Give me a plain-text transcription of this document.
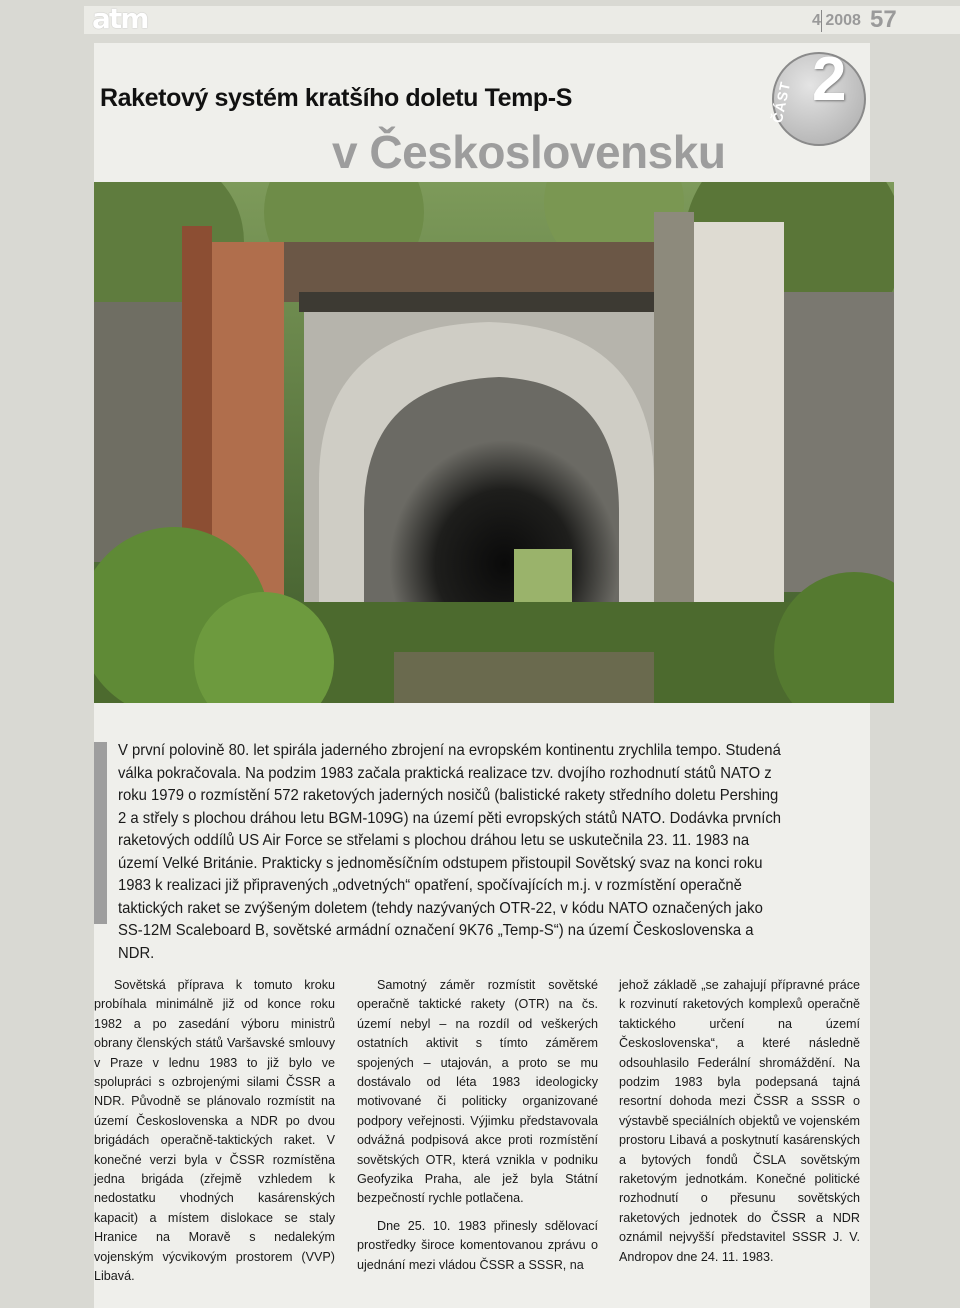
atm	4 2008 57
Raketový systém kratšího doletu Temp-S
v Československu
ČÁST 2
V první polovině 80. let spirála jaderného zbrojení na evropském kontinentu zrychlila tempo. Studená válka pokračovala. Na podzim 1983 začala praktická realizace tzv. dvojího rozhodnutí států NATO z roku 1979 o rozmístění 572 raketových jaderných nosičů (balistické rakety středního doletu Pershing 2 a střely s plochou dráhou letu BGM-109G) na území pěti evropských států NATO. Dodávka prvních raketových oddílů US Air Force se střelami s plochou dráhou letu se uskutečnila 23. 11. 1983 na území Velké Británie. Prakticky s jednoměsíčním odstupem přistoupil Sovětský svaz na konci roku 1983 k realizaci již připravených „odvetných“ opatření, spočívajících m.j. v rozmístění operačně taktických raket se zvýšeným doletem (tehdy nazývaných OTR-22, v kódu NATO označených jako SS-12M Scaleboard B, sovětské armádní označení 9K76 „Temp-S“) na území Československa a NDR.

Sovětská příprava k tomuto kroku probíhala minimálně již od konce roku 1982 a po zasedání výboru ministrů obrany členských států Varšavské smlouvy v Praze v lednu 1983 to již bylo ve spolupráci s ozbrojenými silami ČSSR a NDR. Původně se plánovalo rozmístit na území Československa a NDR po dvou brigádách operačně-taktických raket. V konečné verzi byla v ČSSR rozmístěna jedna brigáda (zřejmě vzhledem k nedostatku vhodných kasárenských kapacit) a místem dislokace se staly Hranice na Moravě s nedalekým vojenským výcvikovým prostorem (VVP) Libavá.

Samotný záměr rozmístit sovětské operačně taktické rakety (OTR) na čs. území nebyl – na rozdíl od veškerých ostatních aktivit s tímto záměrem spojených – utajován, a proto se mu dostávalo od léta 1983 ideologicky motivované či politicky organizované podpory veřejnosti. Výjimku představovala odvážná podpisová akce proti rozmístění sovětských OTR, která vznikla v podniku Geofyzika Praha, ale jež byla Státní bezpečností rychle potlačena.

Dne 25. 10. 1983 přinesly sdělovací prostředky široce komentovanou zprávu o ujednání mezi vládou ČSSR a SSSR, na

jehož základě „se zahajují přípravné práce k rozvinutí raketových komplexů operačně taktického určení na území Československa“, a které následně odsouhlasilo Federální shromáždění. Na podzim 1983 byla podepsaná tajná resortní dohoda mezi ČSSR a SSSR o výstavbě speciálních objektů ve vojenském prostoru Libavá a poskytnutí kasárenských a bytových fondů ČSLA sovětským raketovým jednotkám. Konečné politické rozhodnutí o přesunu sovětských raketových jednotek do ČSSR a NDR oznámil nejvyšší představitel SSSR J. V. Andropov dne 24. 11. 1983.
